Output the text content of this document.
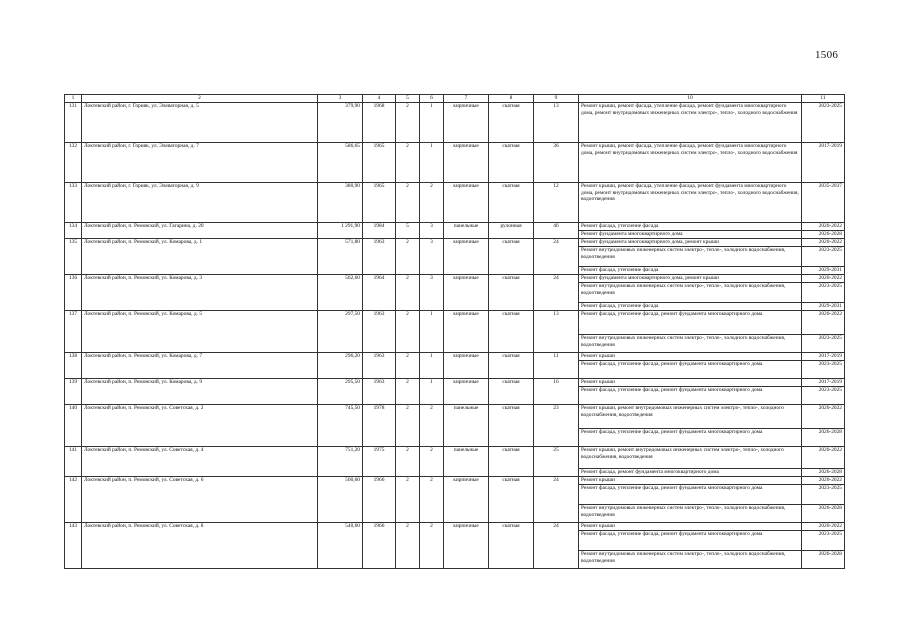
1506
1	2	3	4	5	6	7	8	9	10	11
131	Локтевский район, г. Горняк, ул. Элеваторная, д. 5	379,90	1968	2	1	кирпичные	скатная	13	Ремонт крыши, ремонт фасада, утепление фасада, ремонт фундамента многоквартирного дома, ремонт внутридомовых инженерных систем электро-, тепло-, холодного водоснабжения	2023-2025
132	Локтевский район, г. Горняк, ул. Элеваторная, д. 7	586,65	1965	2	1	кирпичные	скатная	36	Ремонт крыши, ремонт фасада, утепление фасада, ремонт фундамента многоквартирного дома, ремонт внутридомовых инженерных систем электро-, тепло-, холодного водоснабжения	2017-2019
133	Локтевский район, г. Горняк, ул. Элеваторная, д. 9	380,90	1965	2	2	кирпичные	скатная	12	Ремонт крыши, ремонт фасада, утепление фасада, ремонт фундамента многоквартирного дома, ремонт внутридомовых инженерных систем электро-, тепло-, холодного водоснабжения, водоотведения	2035-2037
134	Локтевский район, п. Ремовский, ул. Гагарина, д. 20	1 291,90	1984	5	3	панельные	рулонная	46	Ремонт фасада, утепление фасада	2020-2022
									Ремонт фундамента многоквартирного дома	2026-2028
135	Локтевский район, п. Ремовский, ул. Комарова, д. 1	571,80	1963	2	3	кирпичные	скатная	24	Ремонт фундамента многоквартирного дома, ремонт крыши	2020-2022
									Ремонт внутридомовых инженерных систем электро-, тепло-, холодного водоснабжения, водоотведения	2023-2025
									Ремонт фасада, утепление фасада	2029-2031
136	Локтевский район, п. Ремовский, ул. Комарова, д. 3	562,60	1964	2	3	кирпичные	скатная	24	Ремонт фундамента многоквартирного дома, ремонт крыши	2020-2022
									Ремонт внутридомовых инженерных систем электро-, тепло-, холодного водоснабжения, водоотведения	2023-2025
									Ремонт фасада, утепление фасада	2029-2031
137	Локтевский район, п. Ремовский, ул. Комарова, д. 5	297,50	1963	2	1	кирпичные	скатная	13	Ремонт фасада, утепление фасада, ремонт фундамента многоквартирного дома	2020-2022
									Ремонт внутридомовых инженерных систем электро-, тепло-, холодного водоснабжения, водоотведения	2023-2025
138	Локтевский район, п. Ремовский, ул. Комарова, д. 7	296,20	1963	2	1	кирпичные	скатная	11	Ремонт крыши	2017-2019
									Ремонт фасада, утепление фасада, ремонт фундамента многоквартирного дома	2023-2025
139	Локтевский район, п. Ремовский, ул. Комарова, д. 9	295,50	1963	2	1	кирпичные	скатная	16	Ремонт крыши	2017-2019
									Ремонт фасада, утепление фасада, ремонт фундамента многоквартирного дома	2023-2025
140	Локтевский район, п. Ремовский, ул. Советская, д. 2	745,50	1978	2	2	панельные	скатная	23	Ремонт крыши, ремонт внутридомовых инженерных систем электро-, тепло-, холодного водоснабжения, водоотведения	2020-2022
									Ремонт фасада, утепление фасада, ремонт фундамента многоквартирного дома	2026-2028
141	Локтевский район, п. Ремовский, ул. Советская, д. 4	751,20	1975	2	2	панельные	скатная	25	Ремонт крыши, ремонт внутридомовых инженерных систем электро-, тепло-, холодного водоснабжения, водоотведения	2020-2022
									Ремонт фасада, ремонт фундамента многоквартирного дома	2026-2028
142	Локтевский район, п. Ремовский, ул. Советская, д. 6	500,60	1966	2	2	кирпичные	скатная	24	Ремонт крыши	2020-2022
									Ремонт фасада, утепление фасада, ремонт фундамента многоквартирного дома	2023-2025
									Ремонт внутридомовых инженерных систем электро-, тепло-, холодного водоснабжения, водоотведения	2026-2028
143	Локтевский район, п. Ремовский, ул. Советская, д. 8	540,60	1966	2	2	кирпичные	скатная	24	Ремонт крыши	2020-2022
									Ремонт фасада, утепление фасада, ремонт фундамента многоквартирного дома	2023-2025
									Ремонт внутридомовых инженерных систем электро-, тепло-, холодного водоснабжения, водоотведения	2026-2028
